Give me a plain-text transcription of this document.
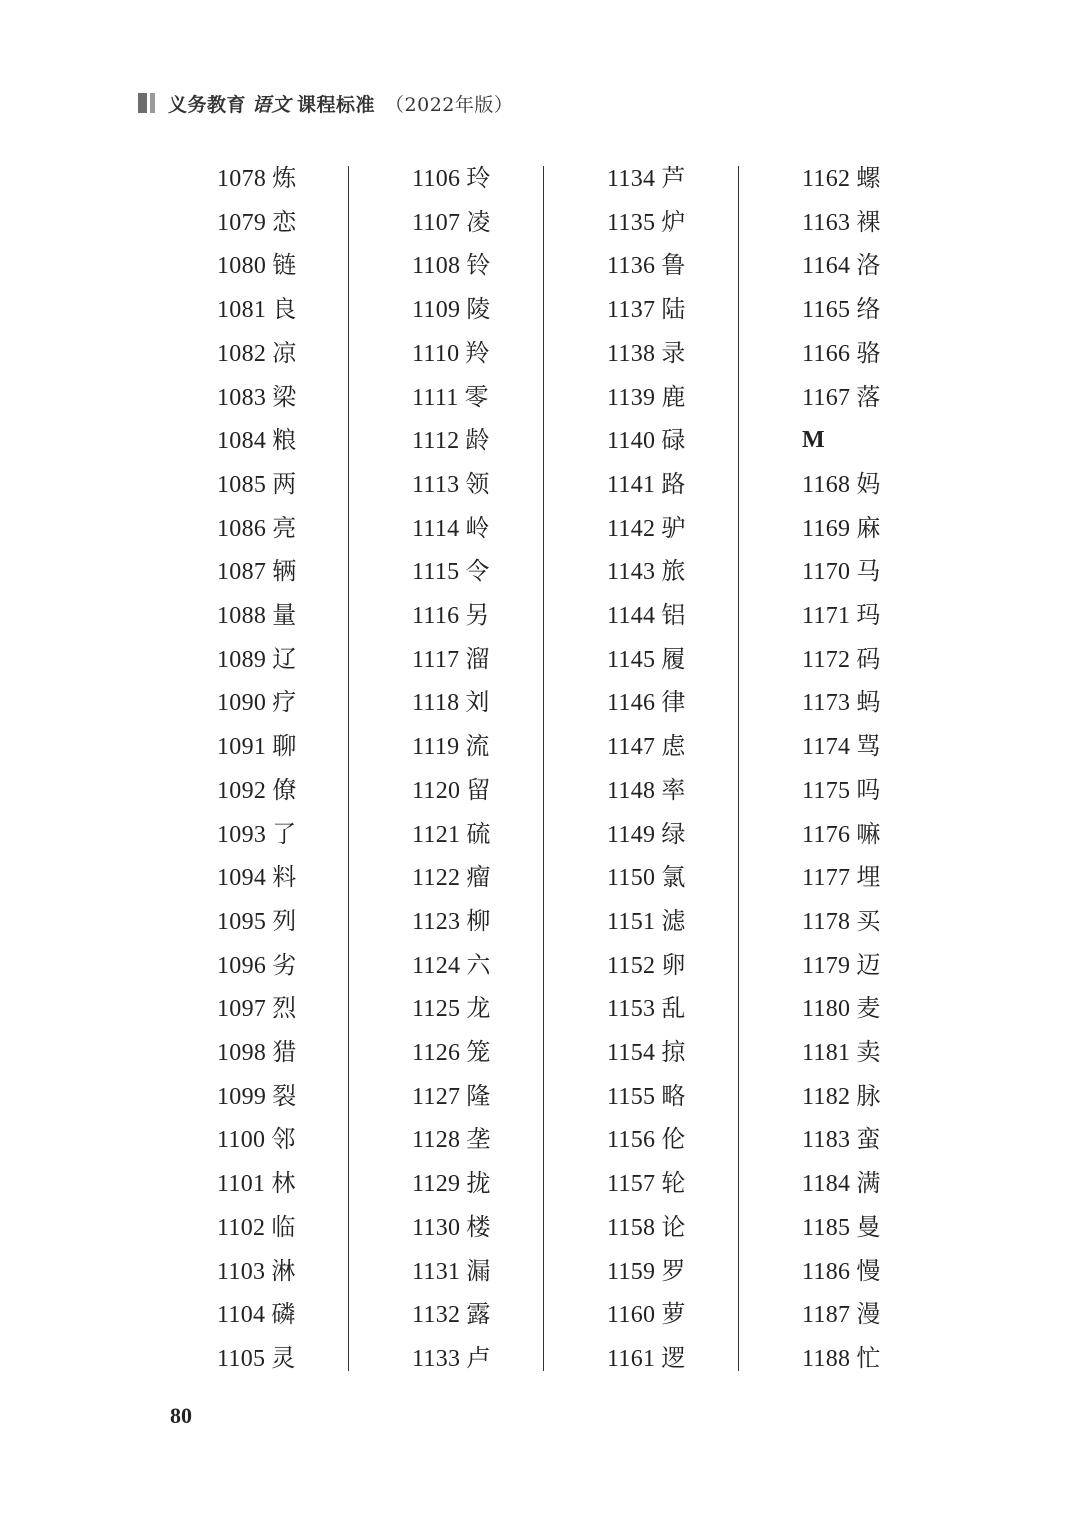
义务教育 语文 课程标准 （2022年版）
1078 炼
1079 恋
1080 链
1081 良
1082 凉
1083 梁
1084 粮
1085 两
1086 亮
1087 辆
1088 量
1089 辽
1090 疗
1091 聊
1092 僚
1093 了
1094 料
1095 列
1096 劣
1097 烈
1098 猎
1099 裂
1100 邻
1101 林
1102 临
1103 淋
1104 磷
1105 灵
1106 玲
1107 凌
1108 铃
1109 陵
1110 羚
1111 零
1112 龄
1113 领
1114 岭
1115 令
1116 另
1117 溜
1118 刘
1119 流
1120 留
1121 硫
1122 瘤
1123 柳
1124 六
1125 龙
1126 笼
1127 隆
1128 垄
1129 拢
1130 楼
1131 漏
1132 露
1133 卢
1134 芦
1135 炉
1136 鲁
1137 陆
1138 录
1139 鹿
1140 碌
1141 路
1142 驴
1143 旅
1144 铝
1145 履
1146 律
1147 虑
1148 率
1149 绿
1150 氯
1151 滤
1152 卵
1153 乱
1154 掠
1155 略
1156 伦
1157 轮
1158 论
1159 罗
1160 萝
1161 逻
1162 螺
1163 裸
1164 洛
1165 络
1166 骆
1167 落
M
1168 妈
1169 麻
1170 马
1171 玛
1172 码
1173 蚂
1174 骂
1175 吗
1176 嘛
1177 埋
1178 买
1179 迈
1180 麦
1181 卖
1182 脉
1183 蛮
1184 满
1185 曼
1186 慢
1187 漫
1188 忙
80
